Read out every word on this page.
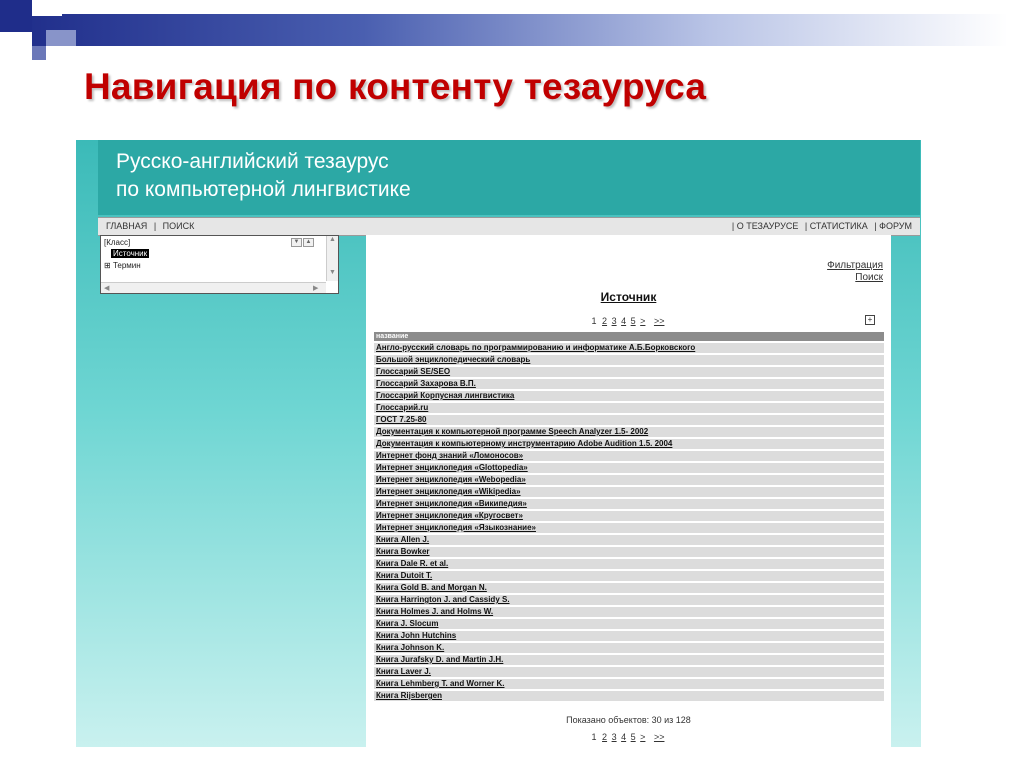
Навигация по контенту тезауруса
Русско-английский тезаурус
по компьютерной лингвистике
ГЛАВНАЯ | ПОИСК	| О ТЕЗАУРУСЕ | СТАТИСТИКА | ФОРУМ
[Класс]	▼	▲
Источник
⊞ Термин
▲
▼
◀	▶
Фильтрация
Поиск
Источник
1 2 3 4 5 > >>	+
название
Англо-русский словарь по программированию и информатике А.Б.Борковского
Большой энциклопедический словарь
Глоссарий SE/SEO
Глоссарий Захарова В.П.
Глоссарий Корпусная лингвистика
Глоссарий.ru
ГОСТ 7.25-80
Документация к компьютерной программе Speech Analyzer 1.5- 2002
Документация к компьютерному инструментарию Adobe Audition 1.5. 2004
Интернет фонд знаний «Ломоносов»
Интернет энциклопедия «Glottopedia»
Интернет энциклопедия «Webopedia»
Интернет энциклопедия «Wikipedia»
Интернет энциклопедия «Википедия»
Интернет энциклопедия «Кругосвет»
Интернет энциклопедия «Языкознание»
Книга Allen J.
Книга Bowker
Книга Dale R. et al.
Книга Dutoit T.
Книга Gold B. and Morgan N.
Книга Harrington J. and Cassidy S.
Книга Holmes J. and Holms W.
Книга J. Slocum
Книга John Hutchins
Книга Johnson K.
Книга Jurafsky D. and Martin J.H.
Книга Laver J.
Книга Lehmberg T. and Worner K.
Книга Rijsbergen
Показано объектов: 30 из 128
1 2 3 4 5 > >>
